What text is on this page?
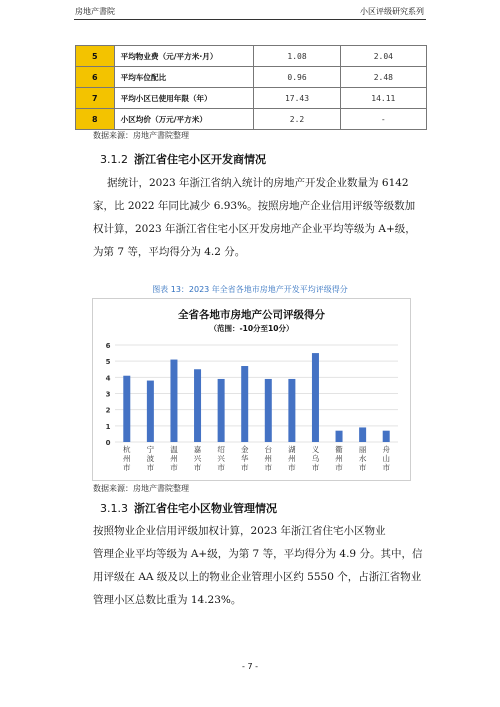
房地产書院	小区评级研究系列
5	平均物业费（元/平方米·月）	1.08	2.04
6	平均车位配比	0.96	2.48
7	平均小区已使用年限（年）	17.43	14.11
8	小区均价（万元/平方米）	2.2	-
数据来源：房地产書院整理
3.1.2 浙江省住宅小区开发商情况
据统计，2023 年浙江省纳入统计的房地产开发企业数量为 6142
家，比 2022 年同比减少 6.93%。按照房地产企业信用评级等级数加
权计算，2023 年浙江省住宅小区开发房地产企业平均等级为 A+级，
为第 7 等，平均得分为 4.2 分。
图表 13：2023 年全省各地市房地产开发平均评级得分
全省各地市房地产公司评级得分
（范围：-10分至10分）
0
1
2
3
4
5
6
杭
州
市
宁
波
市
温
州
市
嘉
兴
市
绍
兴
市
金
华
市
台
州
市
湖
州
市
义
乌
市
衢
州
市
丽
水
市
舟
山
市
数据来源：房地产書院整理
3.1.3 浙江省住宅小区物业管理情况
按照物业企业信用评级加权计算，2023 年浙江省住宅小区物业
管理企业平均等级为 A+级，为第 7 等，平均得分为 4.9 分。其中，信
用评级在 AA 级及以上的物业企业管理小区约 5550 个，占浙江省物业
管理小区总数比重为 14.23%。
- 7 -
